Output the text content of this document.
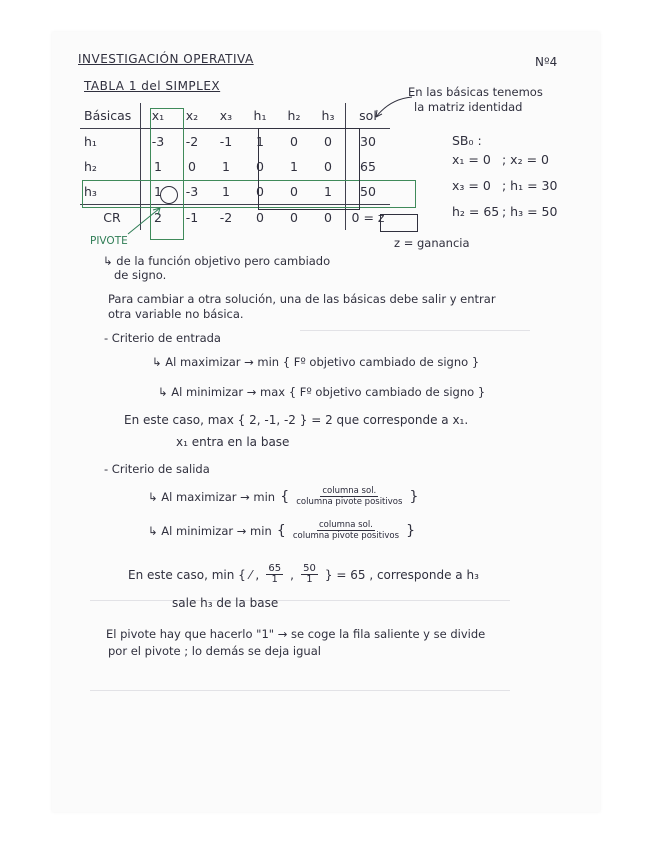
INVESTIGACIÓN OPERATIVA	Nº4
TABLA 1 del SIMPLEX	En las básicas tenemos
la matriz identidad
Básicas	x₁	x₂	x₃	h₁	h₂	h₃	sol
h₁	-3	-2	-1	1	0	0	30
h₂	1	0	1	0	1	0	65
h₃	1	-3	1	0	0	1	50
CR	2	-1	-2	0	0	0	0 = z
PIVOTE	z = ganancia
SB₀ :
x₁ = 0 ; x₂ = 0
x₃ = 0 ; h₁ = 30
h₂ = 65 ; h₃ = 50
↳ de la función objetivo pero cambiado
de signo.
Para cambiar a otra solución, una de las básicas debe salir y entrar
otra variable no básica.
- Criterio de entrada
↳ Al maximizar → min { Fº objetivo cambiado de signo }
↳ Al minimizar → max { Fº objetivo cambiado de signo }
En este caso, max { 2, -1, -2 } = 2 que corresponde a x₁.
x₁ entra en la base
- Criterio de salida
↳ Al maximizar → min { $\frac{\text{columna sol.}}{\text{columna pivote positivos}}$ }
↳ Al minimizar → min { $\frac{\text{columna sol.}}{\text{columna pivote positivos}}$ }
En este caso, min { ⁄ , $\frac{65}{1}$ , $\frac{50}{1}$ } = 65 , corresponde a h₃
sale h₃ de la base
El pivote hay que hacerlo "1" → se coge la fila saliente y se divide
por el pivote ; lo demás se deja igual
